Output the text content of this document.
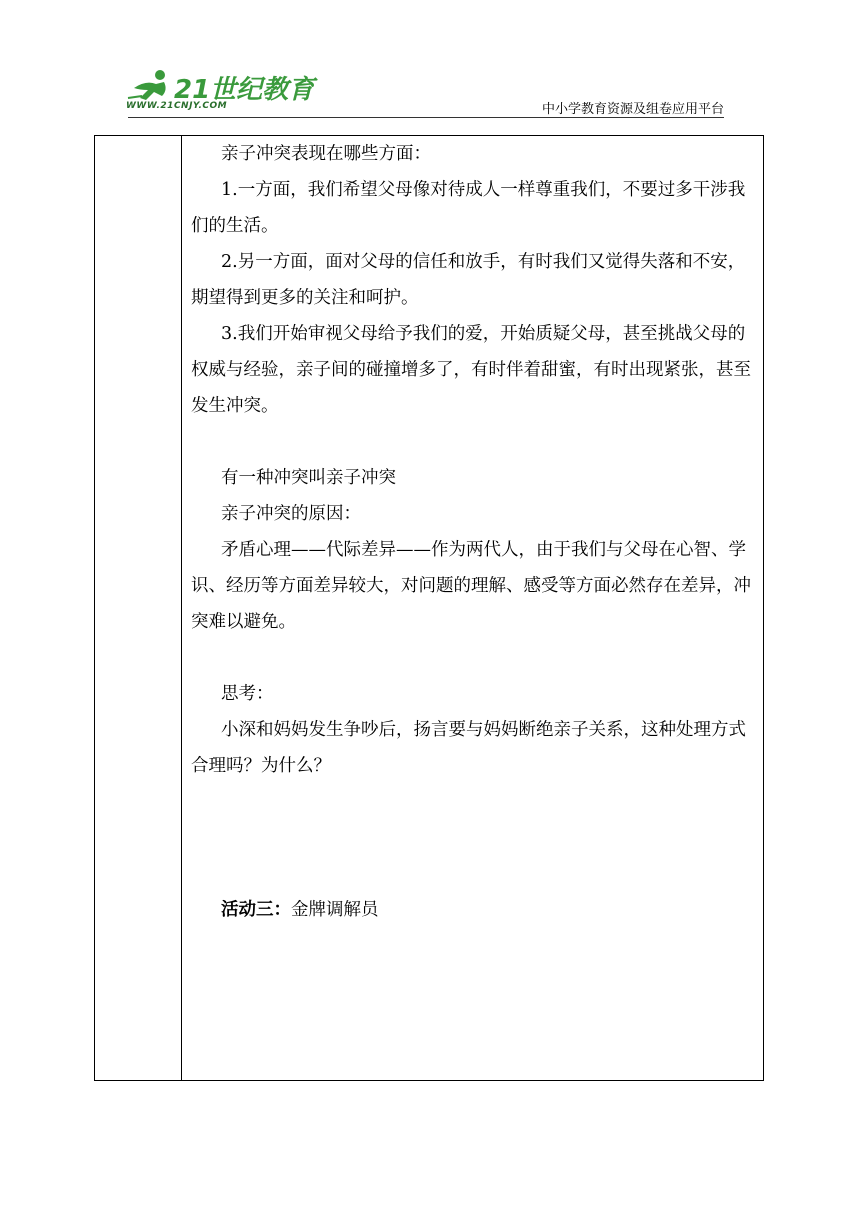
21世纪教育
WWW.21CNJY.COM	中小学教育资源及组卷应用平台

亲子冲突表现在哪些方面：

1.一方面，我们希望父母像对待成人一样尊重我们，不要过多干涉我们的生活。

2.另一方面，面对父母的信任和放手，有时我们又觉得失落和不安，期望得到更多的关注和呵护。

3.我们开始审视父母给予我们的爱，开始质疑父母，甚至挑战父母的权威与经验，亲子间的碰撞增多了，有时伴着甜蜜，有时出现紧张，甚至发生冲突。

有一种冲突叫亲子冲突

亲子冲突的原因：

矛盾心理——代际差异——作为两代人，由于我们与父母在心智、学识、经历等方面差异较大，对问题的理解、感受等方面必然存在差异，冲突难以避免。

思考：

小深和妈妈发生争吵后，扬言要与妈妈断绝亲子关系，这种处理方式合理吗？为什么？

活动三：金牌调解员
